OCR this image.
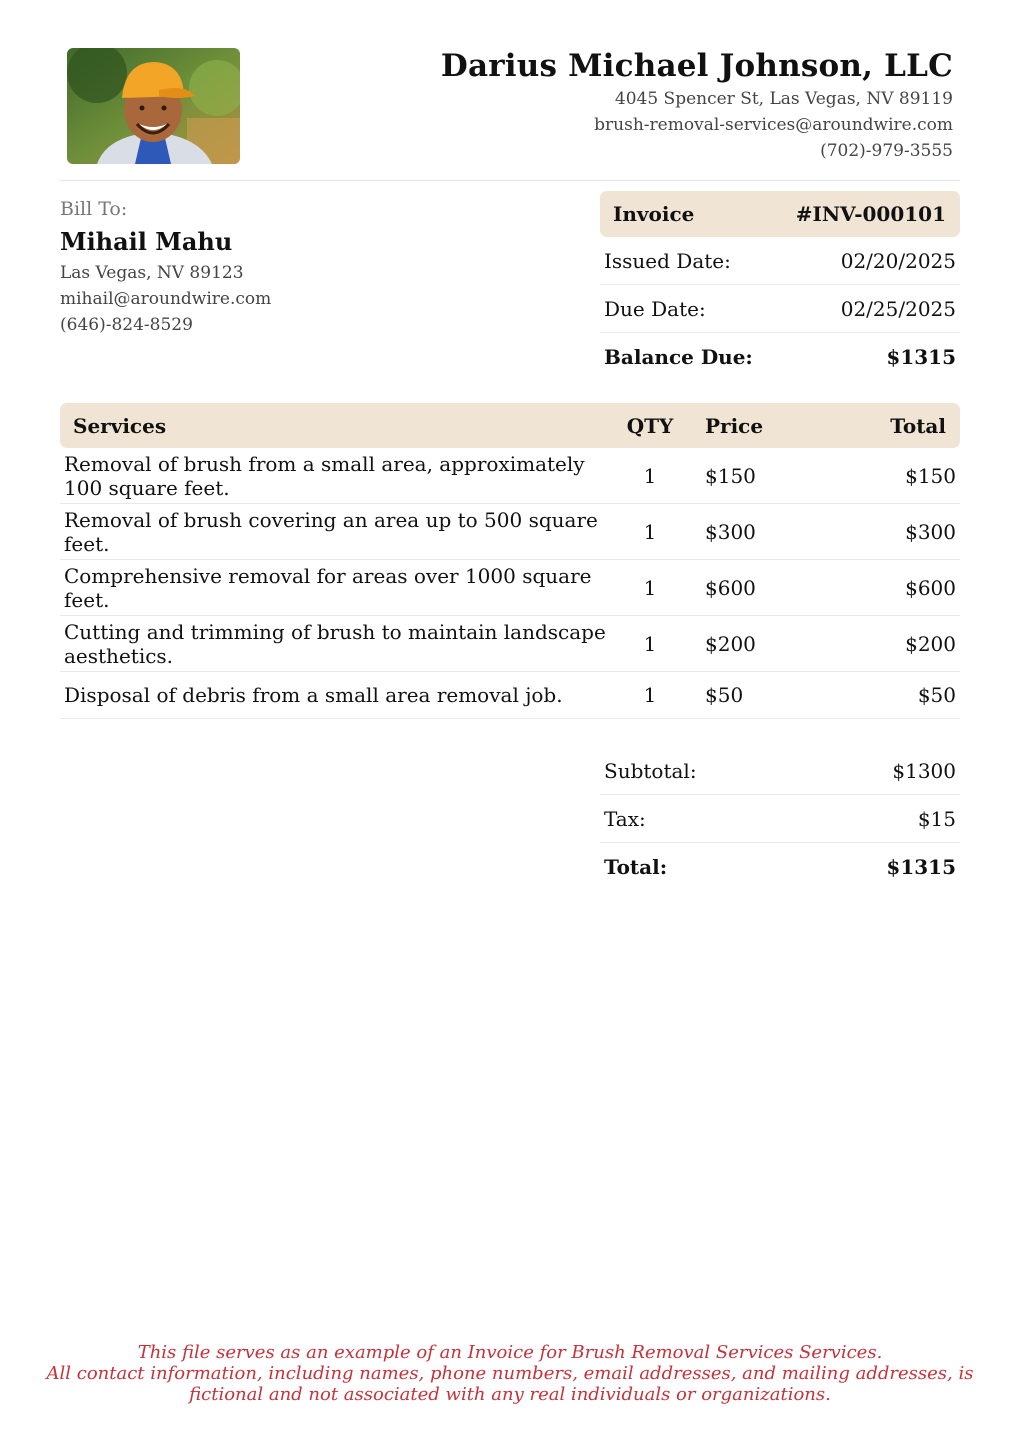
Darius Michael Johnson, LLC
4045 Spencer St, Las Vegas, NV 89119
brush-removal-services@aroundwire.com
(702)-979-3555
Bill To:
Mihail Mahu
Las Vegas, NV 89123
mihail@aroundwire.com
(646)-824-8529
Invoice	#INV-000101
Issued Date:	02/20/2025
Due Date:	02/25/2025
Balance Due:	$1315
Services	QTY	Price	Total
Removal of brush from a small area, approximately 100 square feet.	1	$150	$150
Removal of brush covering an area up to 500 square feet.	1	$300	$300
Comprehensive removal for areas over 1000 square feet.	1	$600	$600
Cutting and trimming of brush to maintain landscape aesthetics.	1	$200	$200
Disposal of debris from a small area removal job.	1	$50	$50
Subtotal:	$1300
Tax:	$15
Total:	$1315
This file serves as an example of an Invoice for Brush Removal Services Services.
All contact information, including names, phone numbers, email addresses, and mailing addresses, is
fictional and not associated with any real individuals or organizations.
